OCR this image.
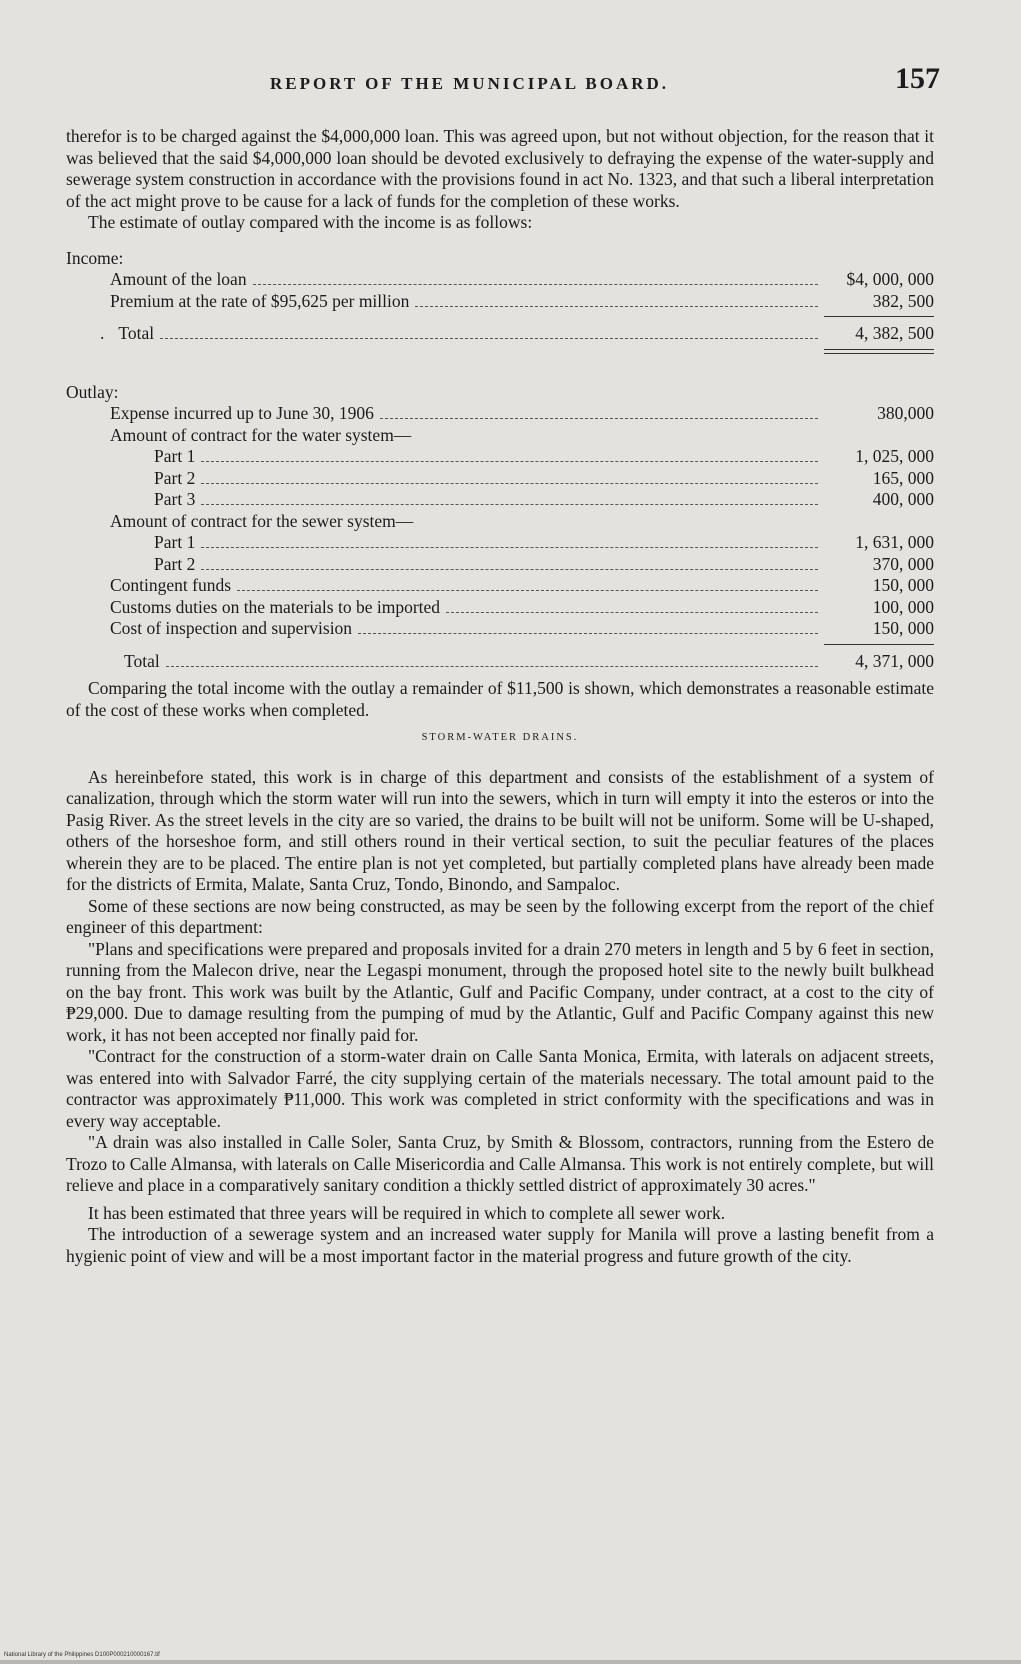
REPORT OF THE MUNICIPAL BOARD.	157

therefor is to be charged against the $4,000,000 loan. This was agreed upon, but not without objection, for the reason that it was believed that the said $4,000,000 loan should be devoted exclusively to defraying the expense of the water-supply and sewerage system construction in accordance with the provisions found in act No. 1323, and that such a liberal interpretation of the act might prove to be cause for a lack of funds for the completion of these works.

The estimate of outlay compared with the income is as follows:

Income:
Amount of the loan	$4, 000, 000
Premium at the rate of $95,625 per million	382, 500
. Total	4, 382, 500
Outlay:
Expense incurred up to June 30, 1906	380,000
Amount of contract for the water system—
Part 1	1, 025, 000
Part 2	165, 000
Part 3	400, 000
Amount of contract for the sewer system—
Part 1	1, 631, 000
Part 2	370, 000
Contingent funds	150, 000
Customs duties on the materials to be imported	100, 000
Cost of inspection and supervision	150, 000
Total	4, 371, 000

Comparing the total income with the outlay a remainder of $11,500 is shown, which demonstrates a reasonable estimate of the cost of these works when completed.

STORM-WATER DRAINS.

As hereinbefore stated, this work is in charge of this department and consists of the establishment of a system of canalization, through which the storm water will run into the sewers, which in turn will empty it into the esteros or into the Pasig River. As the street levels in the city are so varied, the drains to be built will not be uniform. Some will be U-shaped, others of the horseshoe form, and still others round in their vertical section, to suit the peculiar features of the places wherein they are to be placed. The entire plan is not yet completed, but partially completed plans have already been made for the districts of Ermita, Malate, Santa Cruz, Tondo, Binondo, and Sampaloc.

Some of these sections are now being constructed, as may be seen by the following excerpt from the report of the chief engineer of this department:

"Plans and specifications were prepared and proposals invited for a drain 270 meters in length and 5 by 6 feet in section, running from the Malecon drive, near the Legaspi monument, through the proposed hotel site to the newly built bulkhead on the bay front. This work was built by the Atlantic, Gulf and Pacific Company, under contract, at a cost to the city of ₱29,000. Due to damage resulting from the pumping of mud by the Atlantic, Gulf and Pacific Company against this new work, it has not been accepted nor finally paid for.

"Contract for the construction of a storm-water drain on Calle Santa Monica, Ermita, with laterals on adjacent streets, was entered into with Salvador Farré, the city supplying certain of the materials necessary. The total amount paid to the contractor was approximately ₱11,000. This work was completed in strict conformity with the specifications and was in every way acceptable.

"A drain was also installed in Calle Soler, Santa Cruz, by Smith & Blossom, contractors, running from the Estero de Trozo to Calle Almansa, with laterals on Calle Misericordia and Calle Almansa. This work is not entirely complete, but will relieve and place in a comparatively sanitary condition a thickly settled district of approximately 30 acres."

It has been estimated that three years will be required in which to complete all sewer work.

The introduction of a sewerage system and an increased water supply for Manila will prove a lasting benefit from a hygienic point of view and will be a most important factor in the material progress and future growth of the city.

National Library of the Philippines D100P000210000167.tif
